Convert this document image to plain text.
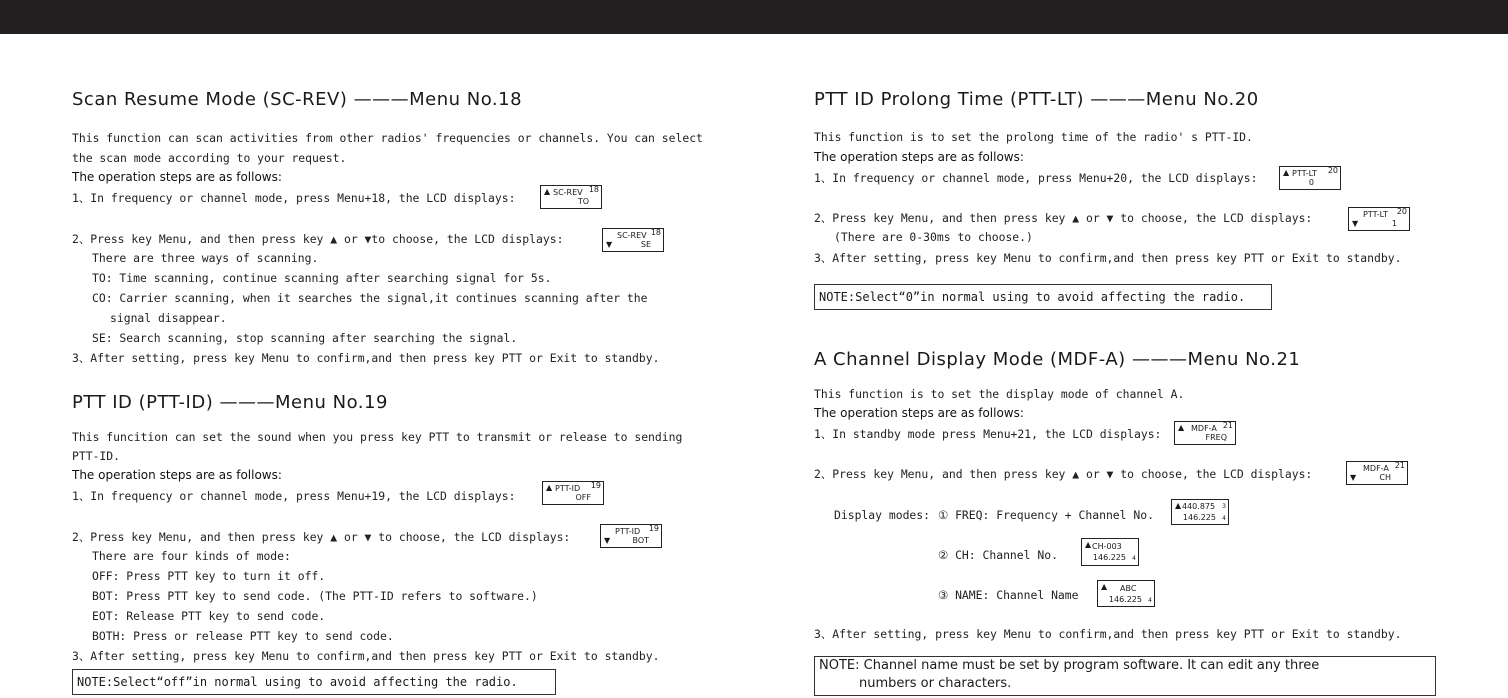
Scan Resume Mode (SC-REV) ———Menu No.18
This function can scan activities from other radios' frequencies or channels. You can select
the scan mode according to your request.
The operation steps are as follows:
1、In frequency or channel mode, press Menu+18, the LCD displays:	▲ SC-REV 18
TO
2、Press key Menu, and then press key ▲ or ▼to choose, the LCD displays:	SC-REV 18
▼	SE
There are three ways of scanning.
TO: Time scanning, continue scanning after searching signal for 5s.
CO: Carrier scanning, when it searches the signal,it continues scanning after the
signal disappear.
SE: Search scanning, stop scanning after searching the signal.
3、After setting, press key Menu to confirm,and then press key PTT or Exit to standby.
PTT ID (PTT-ID) ———Menu No.19
This funcition can set the sound when you press key PTT to transmit or release to sending
PTT-ID.
The operation steps are as follows:
1、In frequency or channel mode, press Menu+19, the LCD displays:
▲ PTT-ID 19
OFF
2、Press key Menu, and then press key ▲ or ▼ to choose, the LCD displays:	PTT-ID 19
▼	BOT
There are four kinds of mode:
OFF: Press PTT key to turn it off.
BOT: Press PTT key to send code. (The PTT-ID refers to software.)
EOT: Release PTT key to send code.
BOTH: Press or release PTT key to send code.
3、After setting, press key Menu to confirm,and then press key PTT or Exit to standby.
NOTE:Select“off”in normal using to avoid affecting the radio.
PTT ID Prolong Time (PTT-LT) ———Menu No.20
This function is to set the prolong time of the radio' s PTT-ID.
The operation steps are as follows:
1、In frequency or channel mode, press Menu+20, the LCD displays:	▲ PTT-LT 20
0
2、Press key Menu, and then press key ▲ or ▼ to choose, the LCD displays:	PTT-LT 20
▼	1
(There are 0-30ms to choose.)
3、After setting, press key Menu to confirm,and then press key PTT or Exit to standby.
NOTE:Select“0”in normal using to avoid affecting the radio.
A Channel Display Mode (MDF-A) ———Menu No.21
This function is to set the display mode of channel A.
The operation steps are as follows:
1、In standby mode press Menu+21, the LCD displays: ▲ MDF-A 21
FREQ
2、Press key Menu, and then press key ▲ or ▼ to choose, the LCD displays:	MDF-A 21
▼	CH
Display modes: ① FREQ: Frequency + Channel No.
▲ 440.875 3
146.225 4
② CH: Channel No.
▲ CH-003
146.225 4
③ NAME: Channel Name
▲ ABC
146.225 4
3、After setting, press key Menu to confirm,and then press key PTT or Exit to standby.
NOTE: Channel name must be set by program software. It can edit any three
numbers or characters.
